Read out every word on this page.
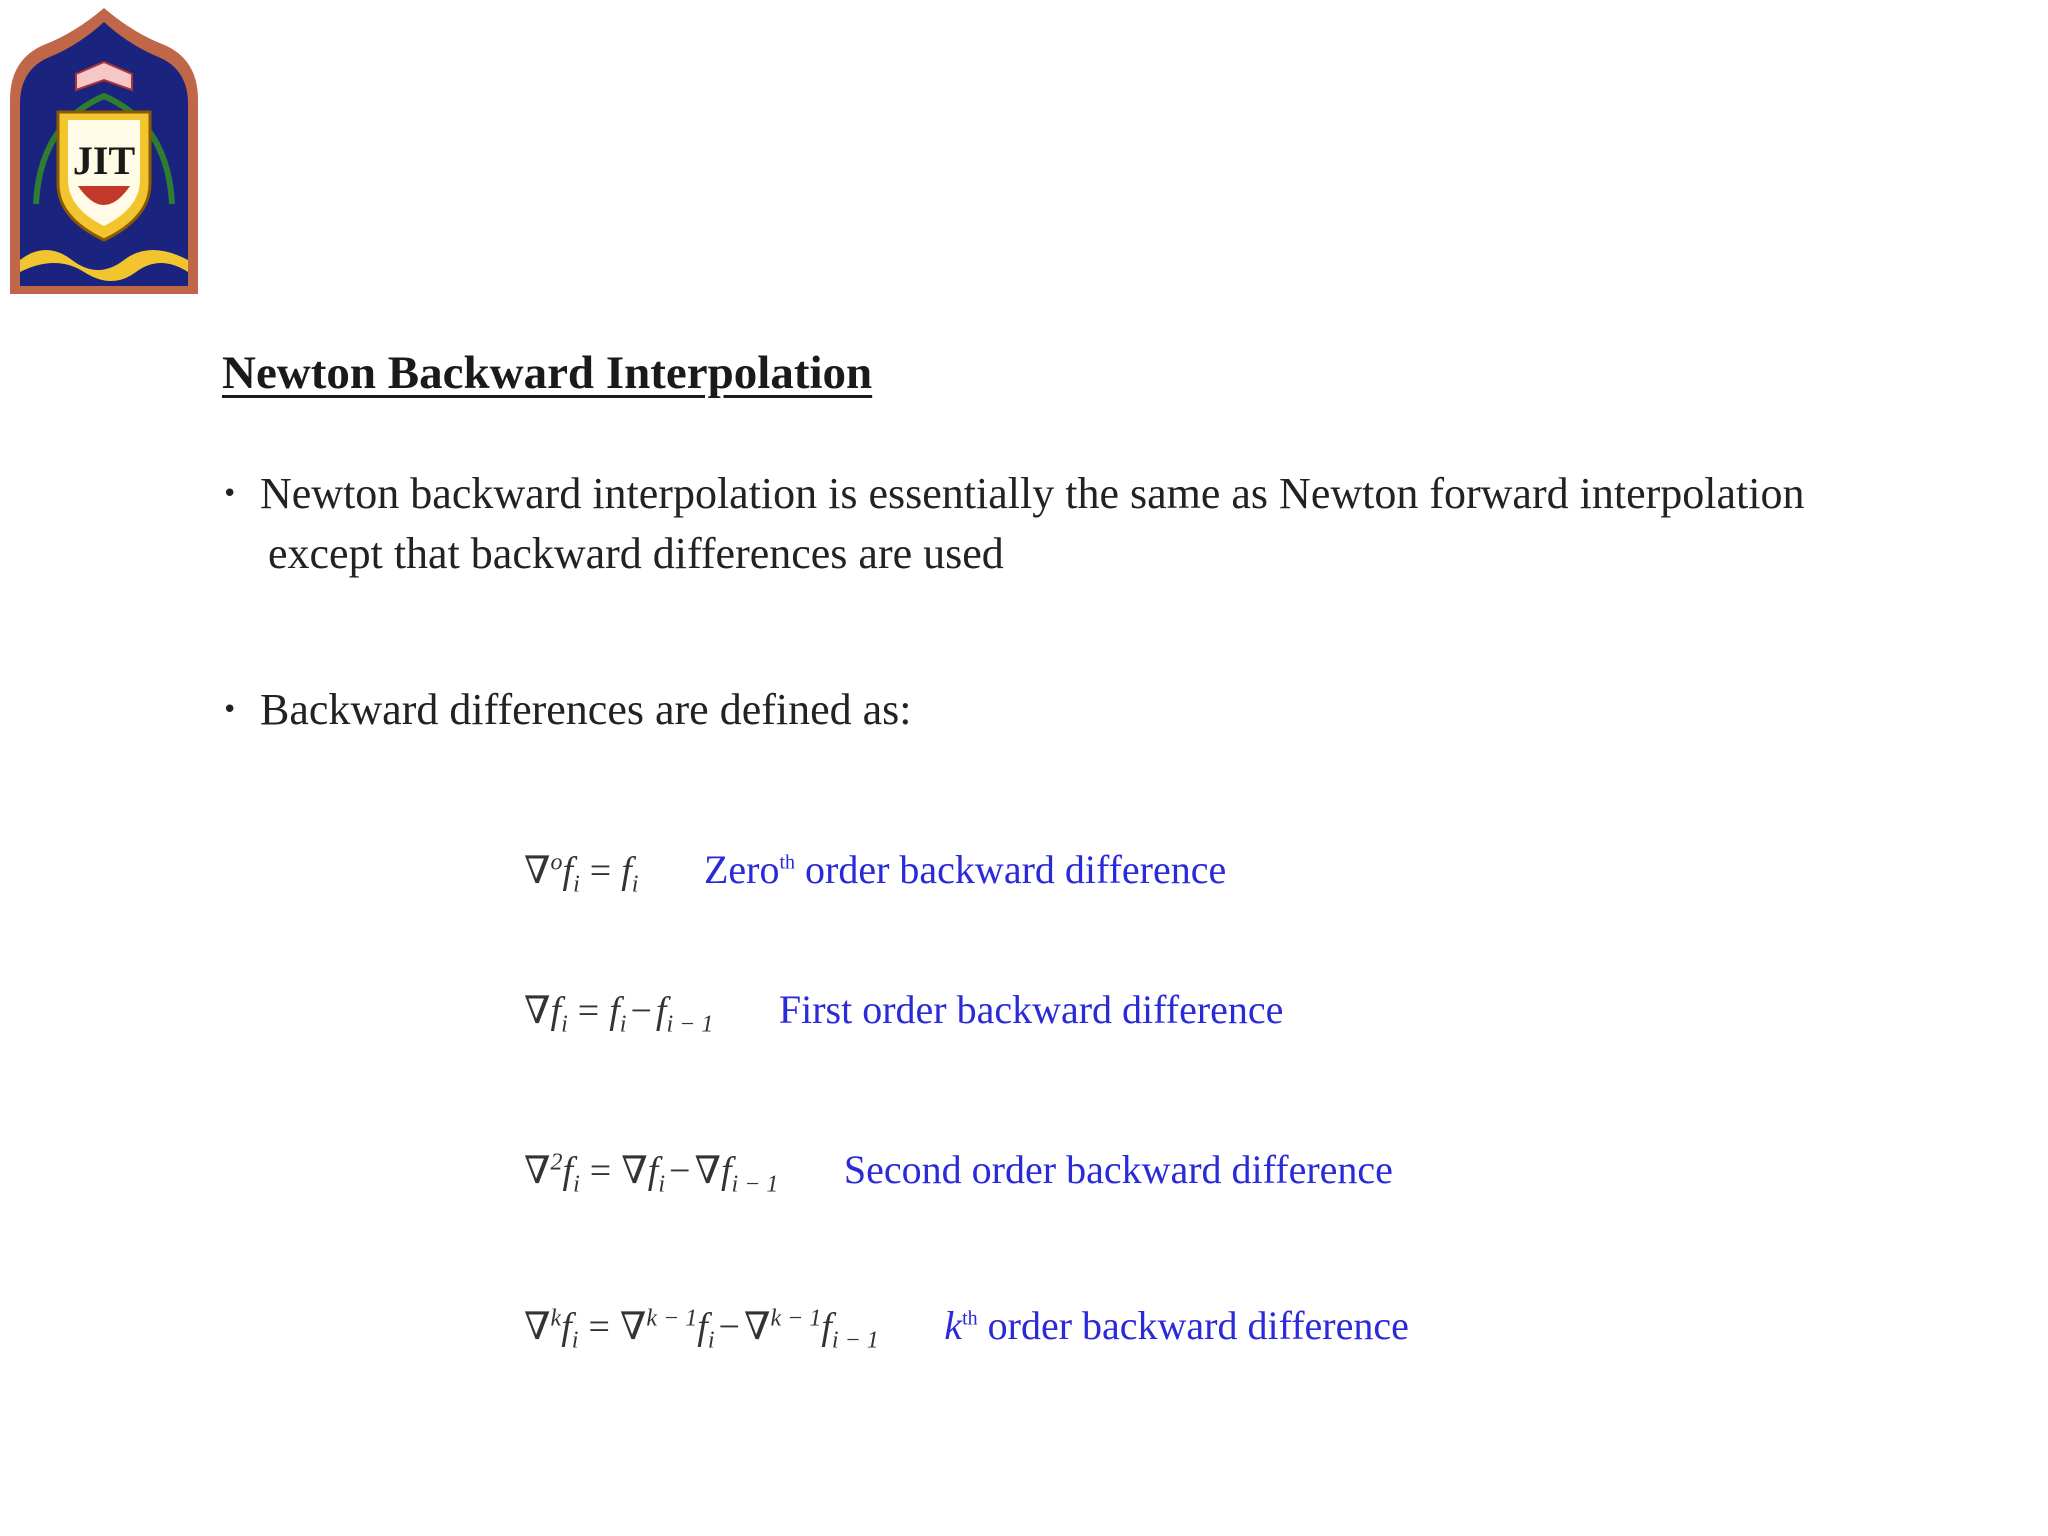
JIT
Newton Backward Interpolation
• Newton backward interpolation is essentially the same as Newton forward interpolation
except that backward differences are used
• Backward differences are defined as:
$\nabla^of_i = f_i$ Zero$^{th}$ order backward difference
$\nabla f_i = f_i - f_{i - 1}$ First order backward difference
$\nabla^2f_i = \nabla f_i - \nabla f_{i - 1}$ Second order backward difference
$\nabla^kf_i = \nabla^{k - 1}f_i - \nabla^{k - 1}f_{i - 1}$ $k^{th}$ order backward difference
